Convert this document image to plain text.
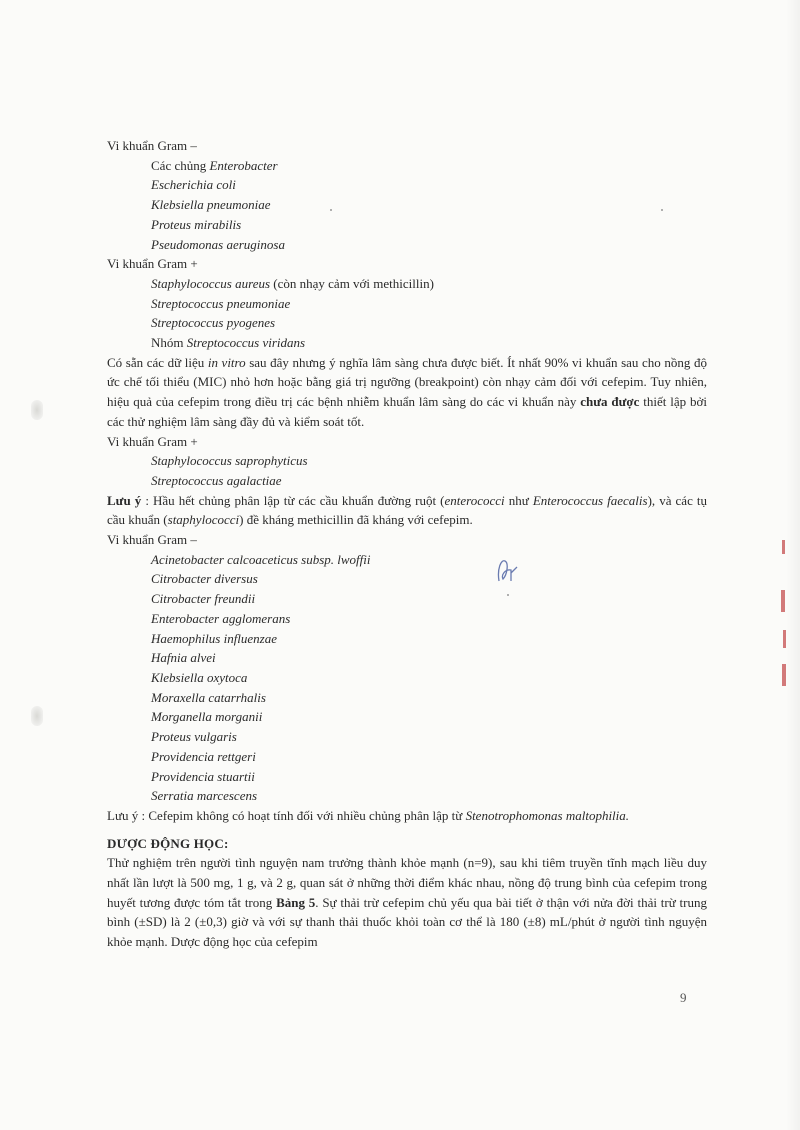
A
Vi khuẩn Gram –
Các chủng Enterobacter
Escherichia coli
Klebsiella pneumoniae
Proteus mirabilis
Pseudomonas aeruginosa
Vi khuẩn Gram +
Staphylococcus aureus (còn nhạy cảm với methicillin)
Streptococcus pneumoniae
Streptococcus pyogenes
Nhóm Streptococcus viridans
Có sẵn các dữ liệu in vitro sau đây nhưng ý nghĩa lâm sàng chưa được biết. Ít nhất 90% vi khuẩn sau cho nồng độ ức chế tối thiểu (MIC) nhỏ hơn hoặc bằng giá trị ngưỡng (breakpoint) còn nhạy cảm đối với cefepim. Tuy nhiên, hiệu quả của cefepim trong điều trị các bệnh nhiễm khuẩn lâm sàng do các vi khuẩn này chưa được thiết lập bởi các thử nghiệm lâm sàng đầy đủ và kiểm soát tốt.
Vi khuẩn Gram +
Staphylococcus saprophyticus
Streptococcus agalactiae
Lưu ý : Hầu hết chủng phân lập từ các cầu khuẩn đường ruột (enterococci như Enterococcus faecalis), và các tụ cầu khuẩn (staphylococci) đề kháng methicillin đã kháng với cefepim.
Vi khuẩn Gram –
Acinetobacter calcoaceticus subsp. lwoffii
Citrobacter diversus
Citrobacter freundii
Enterobacter agglomerans
Haemophilus influenzae
Hafnia alvei
Klebsiella oxytoca
Moraxella catarrhalis
Morganella morganii
Proteus vulgaris
Providencia rettgeri
Providencia stuartii
Serratia marcescens
Lưu ý : Cefepim không có hoạt tính đối với nhiều chủng phân lập từ Stenotrophomonas maltophilia.
DƯỢC ĐỘNG HỌC:
Thử nghiệm trên người tình nguyện nam trưởng thành khỏe mạnh (n=9), sau khi tiêm truyền tĩnh mạch liều duy nhất lần lượt là 500 mg, 1 g, và 2 g, quan sát ở những thời điểm khác nhau, nồng độ trung bình của cefepim trong huyết tương được tóm tắt trong Bảng 5. Sự thải trừ cefepim chủ yếu qua bài tiết ở thận với nửa đời thải trừ trung bình (±SD) là 2 (±0,3) giờ và với sự thanh thải thuốc khỏi toàn cơ thể là 180 (±8) mL/phút ở người tình nguyện khỏe mạnh. Dược động học của cefepim
9
